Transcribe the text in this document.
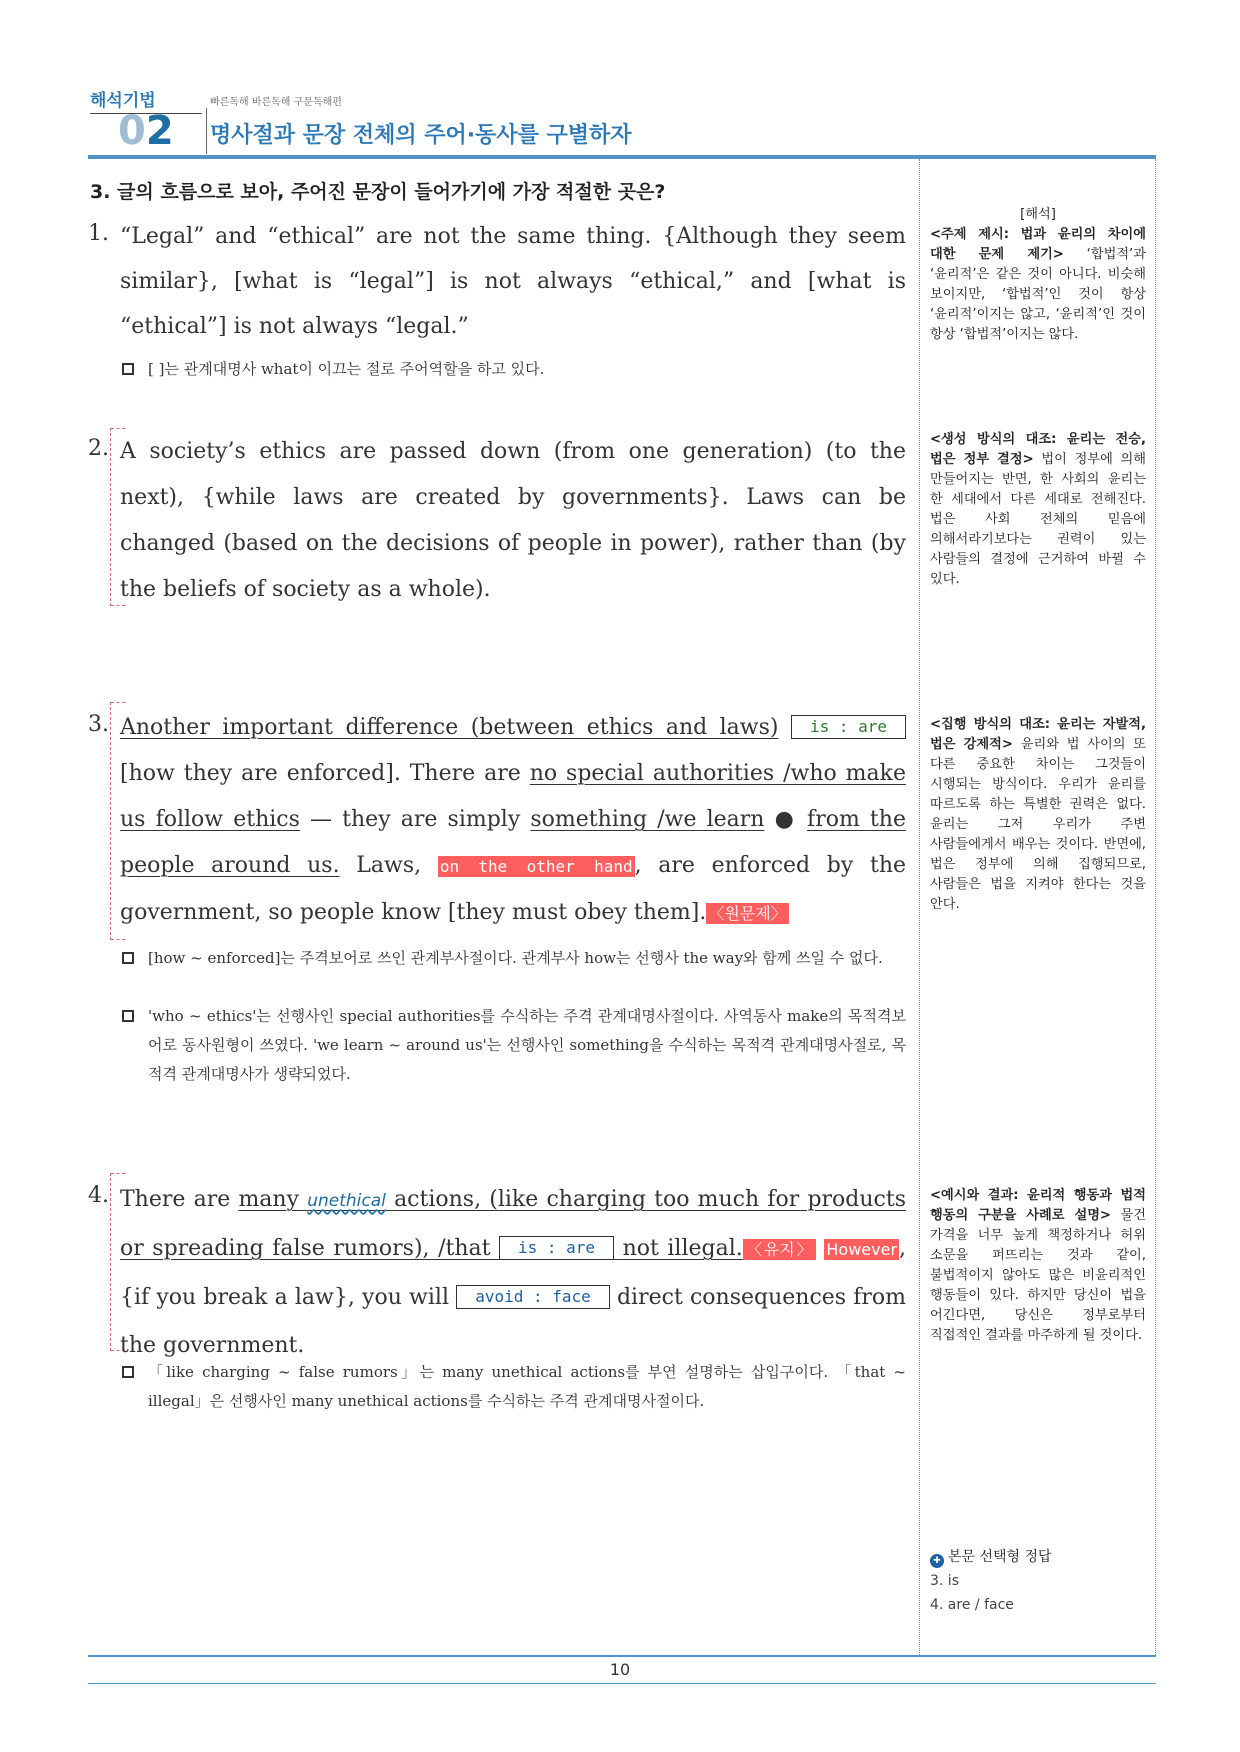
해석기법	빠른독해 바른독해 구문독해편
02 명사절과 문장 전체의 주어·동사를 구별하자
[해석]
<주제 제시: 법과 윤리의 차이에 대한 문제 제기> ‘합법적’과 ‘윤리적’은 같은 것이 아니다. 비슷해 보이지만, ‘합법적’인 것이 항상 ‘윤리적’이지는 않고, ‘윤리적’인 것이 항상 ‘합법적’이지는 않다.
<생성 방식의 대조: 윤리는 전승, 법은 정부 결정> 법이 정부에 의해 만들어지는 반면, 한 사회의 윤리는 한 세대에서 다른 세대로 전해진다. 법은 사회 전체의 믿음에 의해서라기보다는 권력이 있는 사람들의 결정에 근거하여 바뀔 수 있다.
<집행 방식의 대조: 윤리는 자발적, 법은 강제적> 윤리와 법 사이의 또 다른 중요한 차이는 그것들이 시행되는 방식이다. 우리가 윤리를 따르도록 하는 특별한 권력은 없다. 윤리는 그저 우리가 주변 사람들에게서 배우는 것이다. 반면에, 법은 정부에 의해 집행되므로, 사람들은 법을 지켜야 한다는 것을 안다.
<예시와 결과: 윤리적 행동과 법적 행동의 구분을 사례로 설명> 물건 가격을 너무 높게 책정하거나 허위 소문을 퍼뜨리는 것과 같이, 불법적이지 않아도 많은 비윤리적인 행동들이 있다. 하지만 당신이 법을 어긴다면, 당신은 정부로부터 직접적인 결과를 마주하게 될 것이다.
✚ 본문 선택형 정답
3. is
4. are / face
3. 글의 흐름으로 보아, 주어진 문장이 들어가기에 가장 적절한 곳은?
1. “Legal” and “ethical” are not the same thing. {Although they seem similar}, [what is “legal”] is not always “ethical,” and [what is “ethical”] is not always “legal.”
[ ]는 관계대명사 what이 이끄는 절로 주어역할을 하고 있다.
2. A society’s ethics are passed down (from one generation) (to the next), {while laws are created by governments}. Laws can be changed (based on the decisions of people in power), rather than (by the beliefs of society as a whole).
3. Another important difference (between ethics and laws) is : are [how they are enforced]. There are no special authorities /who make us follow ethics — they are simply something /we learn ● from the people around us. Laws, on the other hand, are enforced by the government, so people know [they must obey them]. 〈원문제〉
[how ~ enforced]는 주격보어로 쓰인 관계부사절이다. 관계부사 how는 선행사 the way와 함께 쓰일 수 없다.
'who ~ ethics'는 선행사인 special authorities를 수식하는 주격 관계대명사절이다. 사역동사 make의 목적격보어로 동사원형이 쓰였다. 'we learn ~ around us'는 선행사인 something을 수식하는 목적격 관계대명사절로, 목적격 관계대명사가 생략되었다.
4. There are many unethical actions, (like charging too much for products or spreading false rumors), /that is : are not illegal. 〈유지〉 However, {if you break a law}, you will avoid : face direct consequences from the government.
「like charging ~ false rumors」는 many unethical actions를 부연 설명하는 삽입구이다. 「that ~ illegal」은 선행사인 many unethical actions를 수식하는 주격 관계대명사절이다.
10
